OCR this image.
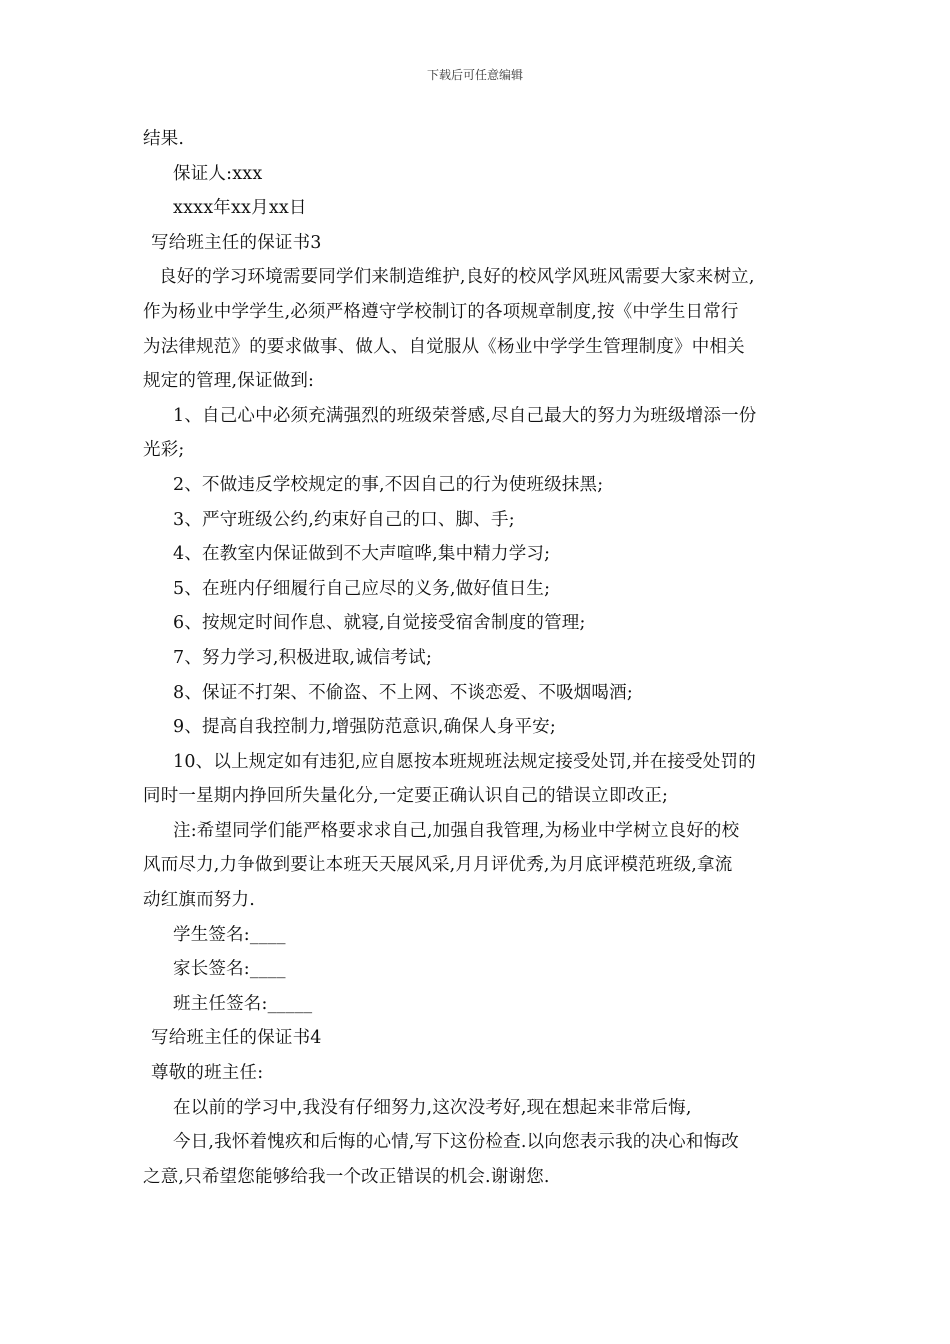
下载后可任意编辑
结果.
保证人:xxx
xxxx年xx月xx日
写给班主任的保证书3
良好的学习环境需要同学们来制造维护,良好的校风学风班风需要大家来树立,
作为杨业中学学生,必须严格遵守学校制订的各项规章制度,按《中学生日常行
为法律规范》的要求做事、做人、自觉服从《杨业中学学生管理制度》中相关
规定的管理,保证做到:
1、自己心中必须充满强烈的班级荣誉感,尽自己最大的努力为班级增添一份
光彩;
2、不做违反学校规定的事,不因自己的行为使班级抹黑;
3、严守班级公约,约束好自己的口、脚、手;
4、在教室内保证做到不大声喧哗,集中精力学习;
5、在班内仔细履行自己应尽的义务,做好值日生;
6、按规定时间作息、就寝,自觉接受宿舍制度的管理;
7、努力学习,积极进取,诚信考试;
8、保证不打架、不偷盗、不上网、不谈恋爱、不吸烟喝酒;
9、提高自我控制力,增强防范意识,确保人身平安;
10、以上规定如有违犯,应自愿按本班规班法规定接受处罚,并在接受处罚的
同时一星期内挣回所失量化分,一定要正确认识自己的错误立即改正;
注:希望同学们能严格要求求自己,加强自我管理,为杨业中学树立良好的校
风而尽力,力争做到要让本班天天展风采,月月评优秀,为月底评模范班级,拿流
动红旗而努力.
学生签名:____
家长签名:____
班主任签名:_____
写给班主任的保证书4
尊敬的班主任:
在以前的学习中,我没有仔细努力,这次没考好,现在想起来非常后悔,
今日,我怀着愧疚和后悔的心情,写下这份检查.以向您表示我的决心和悔改
之意,只希望您能够给我一个改正错误的机会.谢谢您.
